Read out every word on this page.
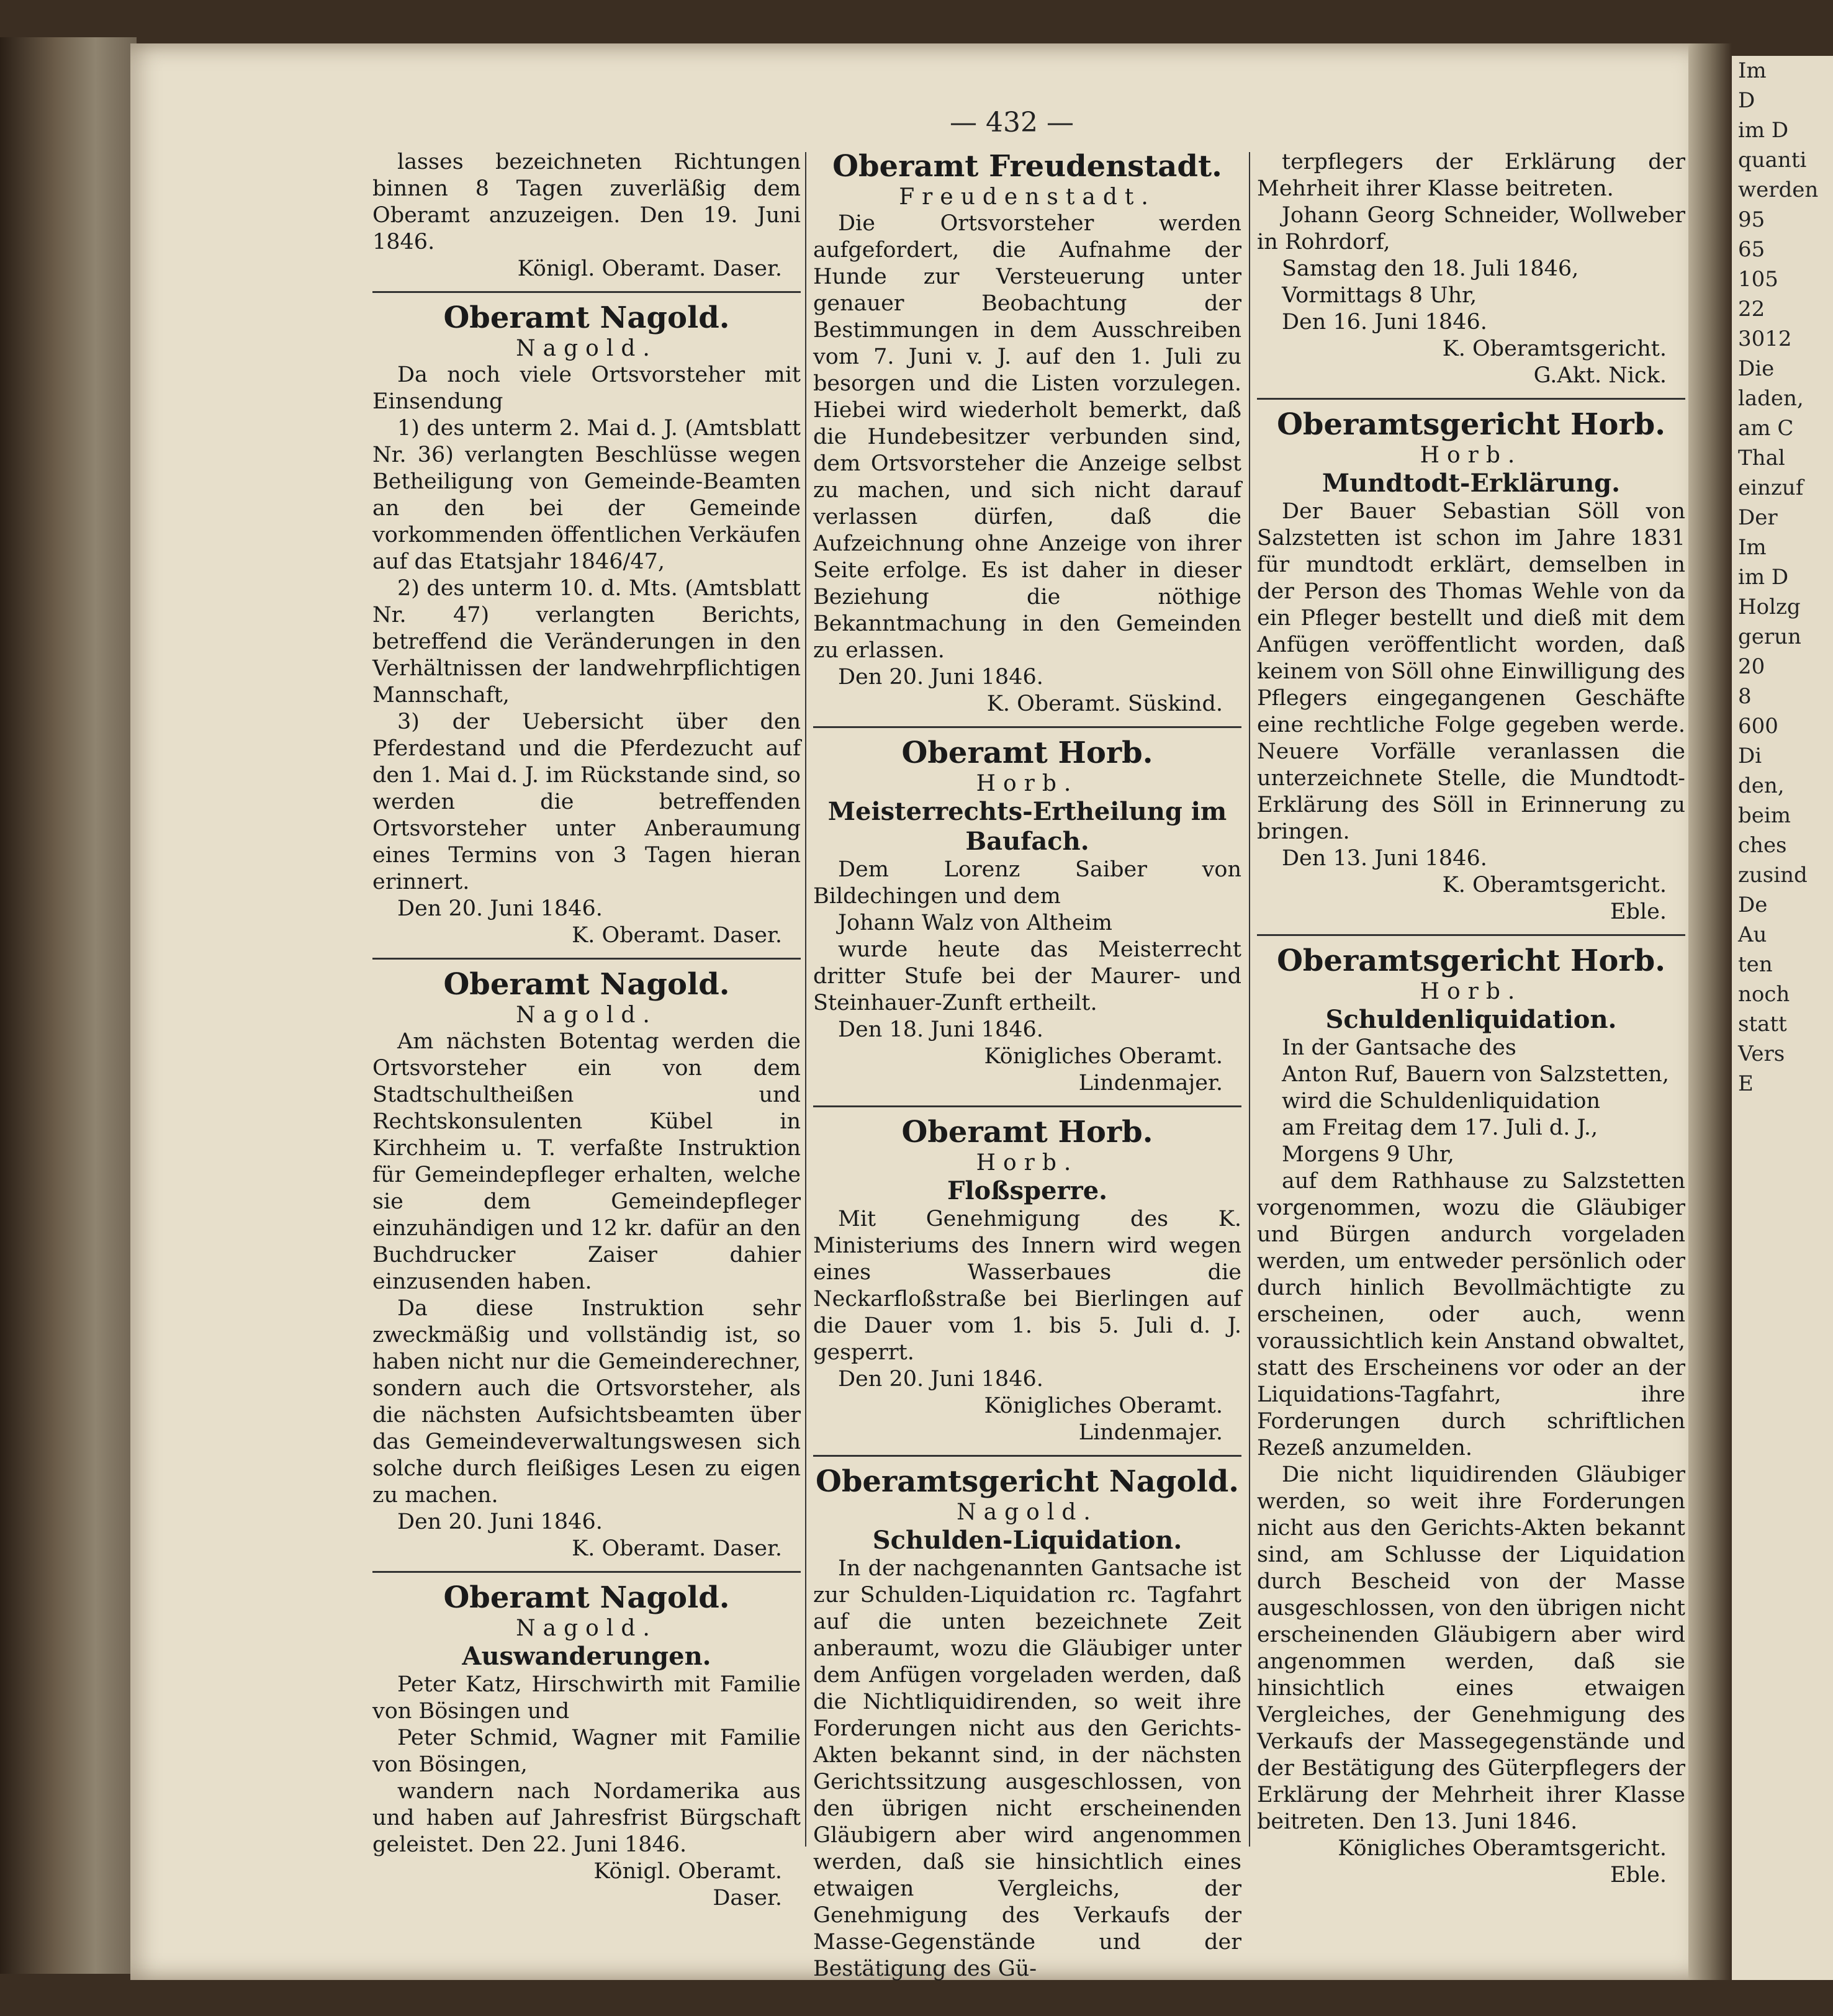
Im
D
im D
quanti
werden
95
65
105
22
3012
Die
laden,
am C
Thal
einzuf
Der
Im
im D
Holzg
gerun
20
8
600
Di
den,
beim
ches
zusind
De
Au
ten
noch
statt
Vers
E
— 432 —

lasses bezeichneten Richtungen binnen 8 Tagen zuverläßig dem Oberamt anzuzeigen. Den 19. Juni 1846.

Königl. Oberamt. Daser.
Oberamt Nagold.
Nagold.

Da noch viele Ortsvorsteher mit Einsendung

1) des unterm 2. Mai d. J. (Amtsblatt Nr. 36) verlangten Beschlüsse wegen Betheiligung von Gemeinde-Beamten an den bei der Gemeinde vorkommenden öffentlichen Verkäufen auf das Etatsjahr 1846/47,

2) des unterm 10. d. Mts. (Amtsblatt Nr. 47) verlangten Berichts, betreffend die Veränderungen in den Verhältnissen der landwehrpflichtigen Mannschaft,

3) der Uebersicht über den Pferdestand und die Pferdezucht auf den 1. Mai d. J. im Rückstande sind, so werden die betreffenden Ortsvorsteher unter Anberaumung eines Termins von 3 Tagen hieran erinnert.

Den 20. Juni 1846.

K. Oberamt. Daser.
Oberamt Nagold.
Nagold.

Am nächsten Botentag werden die Ortsvorsteher ein von dem Stadtschultheißen und Rechtskonsulenten Kübel in Kirchheim u. T. verfaßte Instruktion für Gemeindepfleger erhalten, welche sie dem Gemeindepfleger einzuhändigen und 12 kr. dafür an den Buchdrucker Zaiser dahier einzusenden haben.

Da diese Instruktion sehr zweckmäßig und vollständig ist, so haben nicht nur die Gemeinderechner, sondern auch die Ortsvorsteher, als die nächsten Aufsichtsbeamten über das Gemeindeverwaltungswesen sich solche durch fleißiges Lesen zu eigen zu machen.

Den 20. Juni 1846.

K. Oberamt. Daser.
Oberamt Nagold.
Nagold.
Auswanderungen.

Peter Katz, Hirschwirth mit Familie von Bösingen und

Peter Schmid, Wagner mit Familie von Bösingen,

wandern nach Nordamerika aus und haben auf Jahresfrist Bürgschaft geleistet. Den 22. Juni 1846.

Königl. Oberamt.
Daser.
Oberamt Freudenstadt.
Freudenstadt.

Die Ortsvorsteher werden aufgefordert, die Aufnahme der Hunde zur Versteuerung unter genauer Beobachtung der Bestimmungen in dem Ausschreiben vom 7. Juni v. J. auf den 1. Juli zu besorgen und die Listen vorzulegen. Hiebei wird wiederholt bemerkt, daß die Hundebesitzer verbunden sind, dem Ortsvorsteher die Anzeige selbst zu machen, und sich nicht darauf verlassen dürfen, daß die Aufzeichnung ohne Anzeige von ihrer Seite erfolge. Es ist daher in dieser Beziehung die nöthige Bekanntmachung in den Gemeinden zu erlassen.

Den 20. Juni 1846.

K. Oberamt. Süskind.
Oberamt Horb.
Horb.
Meisterrechts-Ertheilung im Baufach.

Dem Lorenz Saiber von Bildechingen und dem

Johann Walz von Altheim

wurde heute das Meisterrecht dritter Stufe bei der Maurer- und Steinhauer-Zunft ertheilt.

Den 18. Juni 1846.

Königliches Oberamt.
Lindenmajer.
Oberamt Horb.
Horb.
Floßsperre.

Mit Genehmigung des K. Ministeriums des Innern wird wegen eines Wasserbaues die Neckarfloßstraße bei Bierlingen auf die Dauer vom 1. bis 5. Juli d. J. gesperrt.

Den 20. Juni 1846.

Königliches Oberamt.
Lindenmajer.
Oberamtsgericht Nagold.
Nagold.
Schulden-Liquidation.

In der nachgenannten Gantsache ist zur Schulden-Liquidation rc. Tagfahrt auf die unten bezeichnete Zeit anberaumt, wozu die Gläubiger unter dem Anfügen vorgeladen werden, daß die Nichtliquidirenden, so weit ihre Forderungen nicht aus den Gerichts-Akten bekannt sind, in der nächsten Gerichtssitzung ausgeschlossen, von den übrigen nicht erscheinenden Gläubigern aber wird angenommen werden, daß sie hinsichtlich eines etwaigen Vergleichs, der Genehmigung des Verkaufs der Masse-Gegenstände und der Bestätigung des Gü-

terpflegers der Erklärung der Mehrheit ihrer Klasse beitreten.

Johann Georg Schneider, Wollweber in Rohrdorf,

Samstag den 18. Juli 1846,

Vormittags 8 Uhr,

Den 16. Juni 1846.

K. Oberamtsgericht.
G.Akt. Nick.
Oberamtsgericht Horb.
Horb.
Mundtodt-Erklärung.

Der Bauer Sebastian Söll von Salzstetten ist schon im Jahre 1831 für mundtodt erklärt, demselben in der Person des Thomas Wehle von da ein Pfleger bestellt und dieß mit dem Anfügen veröffentlicht worden, daß keinem von Söll ohne Einwilligung des Pflegers eingegangenen Geschäfte eine rechtliche Folge gegeben werde. Neuere Vorfälle veranlassen die unterzeichnete Stelle, die Mundtodt-Erklärung des Söll in Erinnerung zu bringen.

Den 13. Juni 1846.

K. Oberamtsgericht.
Eble.
Oberamtsgericht Horb.
Horb.
Schuldenliquidation.

In der Gantsache des

Anton Ruf, Bauern von Salzstetten,

wird die Schuldenliquidation

am Freitag dem 17. Juli d. J.,

Morgens 9 Uhr,

auf dem Rathhause zu Salzstetten vorgenommen, wozu die Gläubiger und Bürgen andurch vorgeladen werden, um entweder persönlich oder durch hinlich Bevollmächtigte zu erscheinen, oder auch, wenn voraussichtlich kein Anstand obwaltet, statt des Erscheinens vor oder an der Liquidations-Tagfahrt, ihre Forderungen durch schriftlichen Rezeß anzumelden.

Die nicht liquidirenden Gläubiger werden, so weit ihre Forderungen nicht aus den Gerichts-Akten bekannt sind, am Schlusse der Liquidation durch Bescheid von der Masse ausgeschlossen, von den übrigen nicht erscheinenden Gläubigern aber wird angenommen werden, daß sie hinsichtlich eines etwaigen Vergleiches, der Genehmigung des Verkaufs der Massegegenstände und der Bestätigung des Güterpflegers der Erklärung der Mehrheit ihrer Klasse beitreten. Den 13. Juni 1846.

Königliches Oberamtsgericht.
Eble.
